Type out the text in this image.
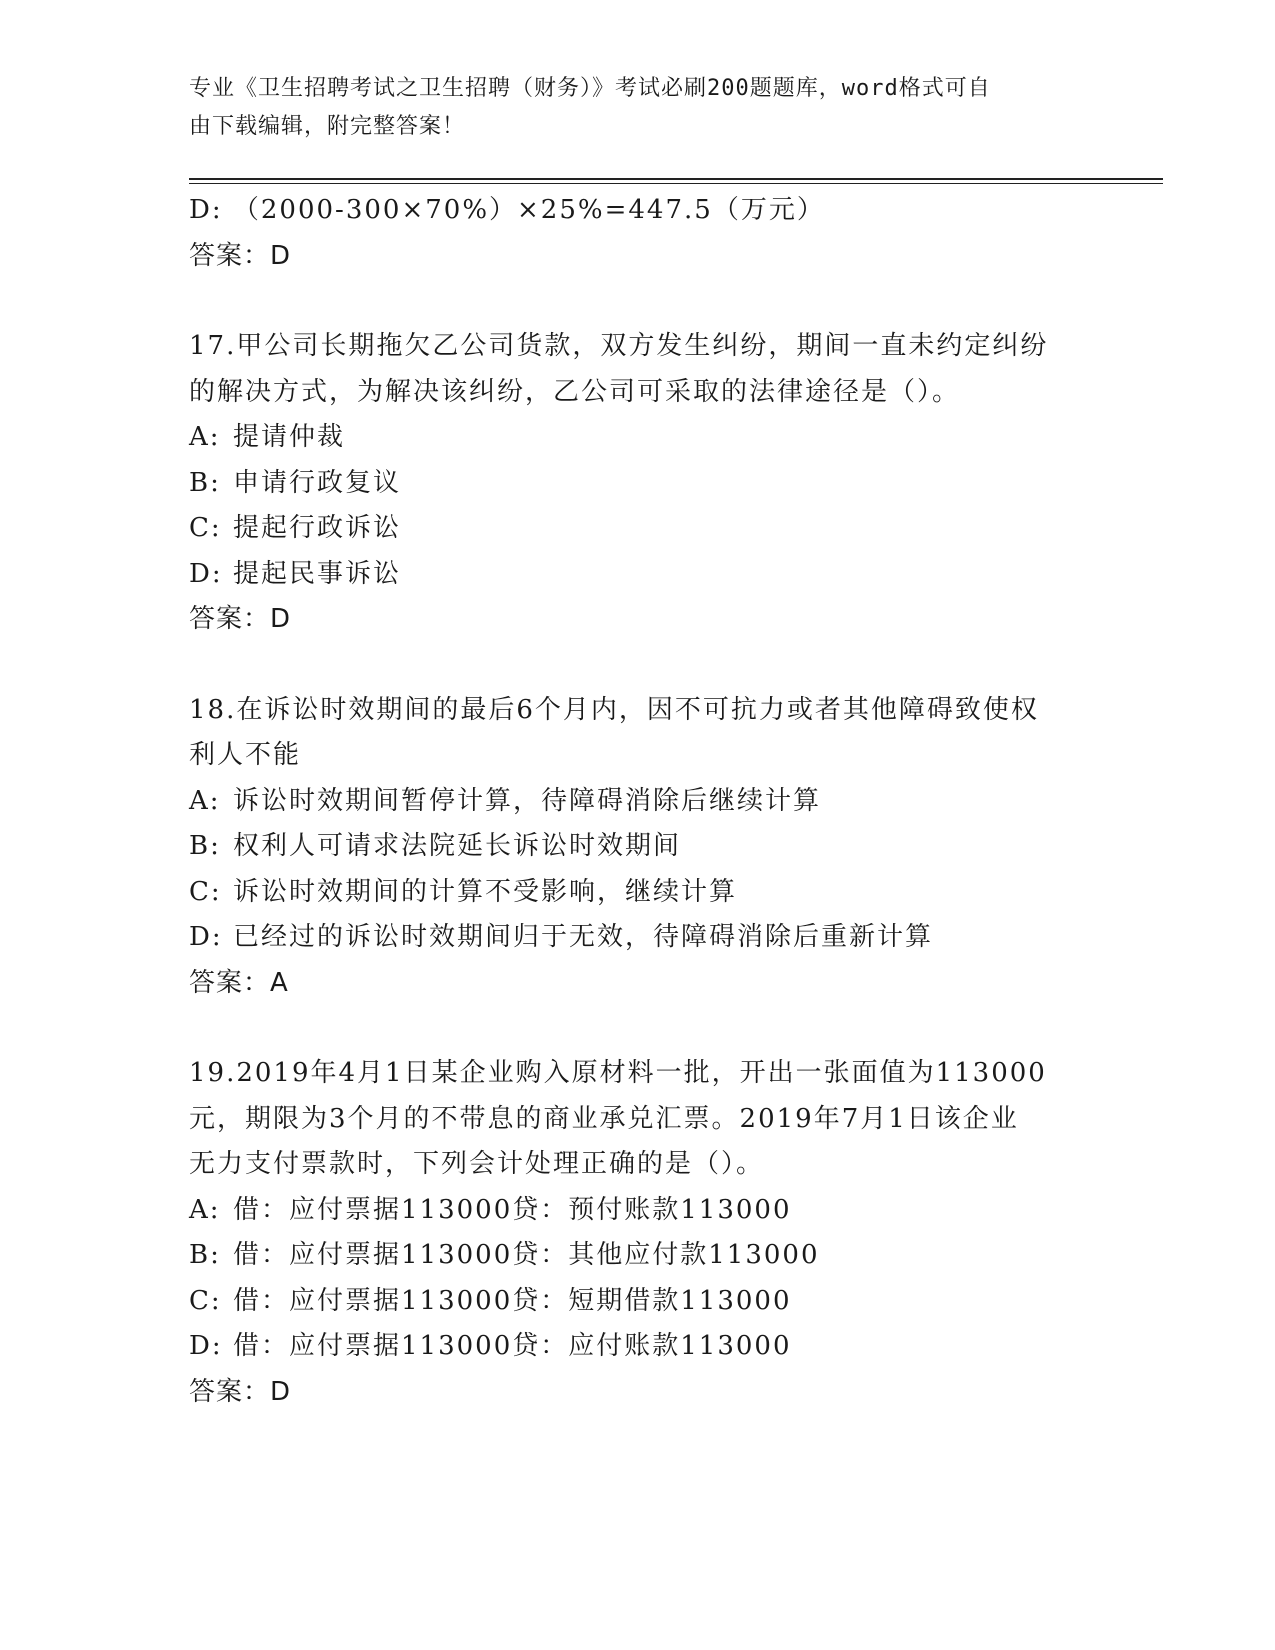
专业《卫生招聘考试之卫生招聘（财务）》考试必刷200题题库，word格式可自
由下载编辑，附完整答案！
D: （2000-300×70%）×25%=447.5（万元）
答案：D
17.甲公司长期拖欠乙公司货款，双方发生纠纷，期间一直未约定纠纷
的解决方式，为解决该纠纷，乙公司可采取的法律途径是（）。
A: 提请仲裁
B: 申请行政复议
C: 提起行政诉讼
D: 提起民事诉讼
答案：D
18.在诉讼时效期间的最后6个月内，因不可抗力或者其他障碍致使权
利人不能
A: 诉讼时效期间暂停计算，待障碍消除后继续计算
B: 权利人可请求法院延长诉讼时效期间
C: 诉讼时效期间的计算不受影响，继续计算
D: 已经过的诉讼时效期间归于无效，待障碍消除后重新计算
答案：A
19.2019年4月1日某企业购入原材料一批，开出一张面值为113000
元，期限为3个月的不带息的商业承兑汇票。2019年7月1日该企业
无力支付票款时，下列会计处理正确的是（）。
A: 借：应付票据113000贷：预付账款113000
B: 借：应付票据113000贷：其他应付款113000
C: 借：应付票据113000贷：短期借款113000
D: 借：应付票据113000贷：应付账款113000
答案：D
